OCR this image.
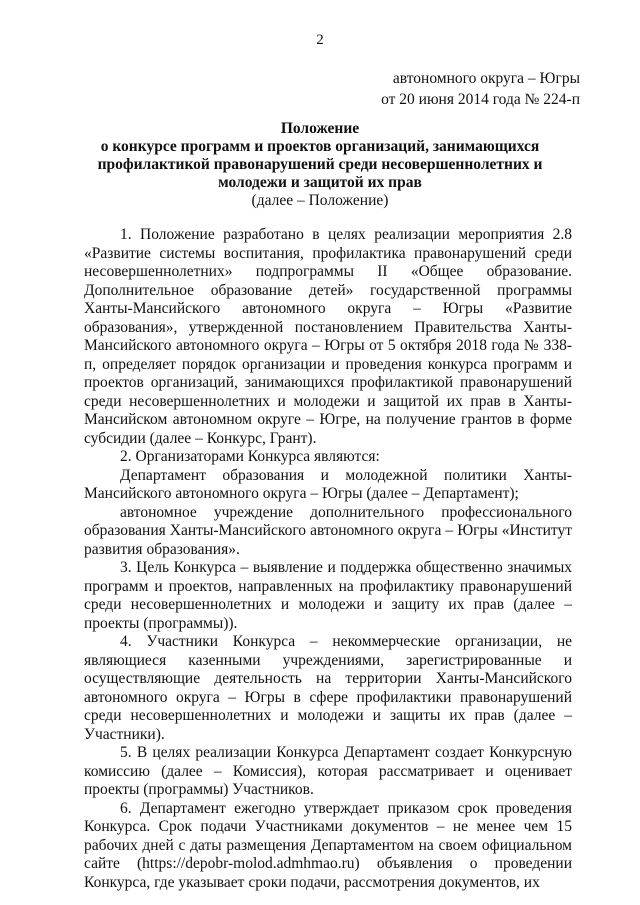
2
автономного округа – Югры
от 20 июня 2014 года № 224-п
Положение
о конкурсе программ и проектов организаций, занимающихся
профилактикой правонарушений среди несовершеннолетних и
молодежи и защитой их прав
(далее – Положение)

1. Положение разработано в целях реализации мероприятия 2.8 «Развитие системы воспитания, профилактика правонарушений среди несовершеннолетних» подпрограммы II «Общее образование. Дополнительное образование детей» государственной программы Ханты-Мансийского автономного округа – Югры «Развитие образования», утвержденной постановлением Правительства Ханты-Мансийского автономного округа – Югры от 5 октября 2018 года № 338-п, определяет порядок организации и проведения конкурса программ и проектов организаций, занимающихся профилактикой правонарушений среди несовершеннолетних и молодежи и защитой их прав в Ханты-Мансийском автономном округе – Югре, на получение грантов в форме субсидии (далее – Конкурс, Грант).

2. Организаторами Конкурса являются:

Департамент образования и молодежной политики Ханты-Мансийского автономного округа – Югры (далее – Департамент);

автономное учреждение дополнительного профессионального образования Ханты-Мансийского автономного округа – Югры «Институт развития образования».

3. Цель Конкурса – выявление и поддержка общественно значимых программ и проектов, направленных на профилактику правонарушений среди несовершеннолетних и молодежи и защиту их прав (далее – проекты (программы)).

4. Участники Конкурса – некоммерческие организации, не являющиеся казенными учреждениями, зарегистрированные и осуществляющие деятельность на территории Ханты-Мансийского автономного округа – Югры в сфере профилактики правонарушений среди несовершеннолетних и молодежи и защиты их прав (далее – Участники).

5. В целях реализации Конкурса Департамент создает Конкурсную комиссию (далее – Комиссия), которая рассматривает и оценивает проекты (программы) Участников.

6. Департамент ежегодно утверждает приказом срок проведения Конкурса. Срок подачи Участниками документов – не менее чем 15 рабочих дней с даты размещения Департаментом на своем официальном сайте (https://depobr-molod.admhmao.ru) объявления о проведении Конкурса, где указывает сроки подачи, рассмотрения документов, их
